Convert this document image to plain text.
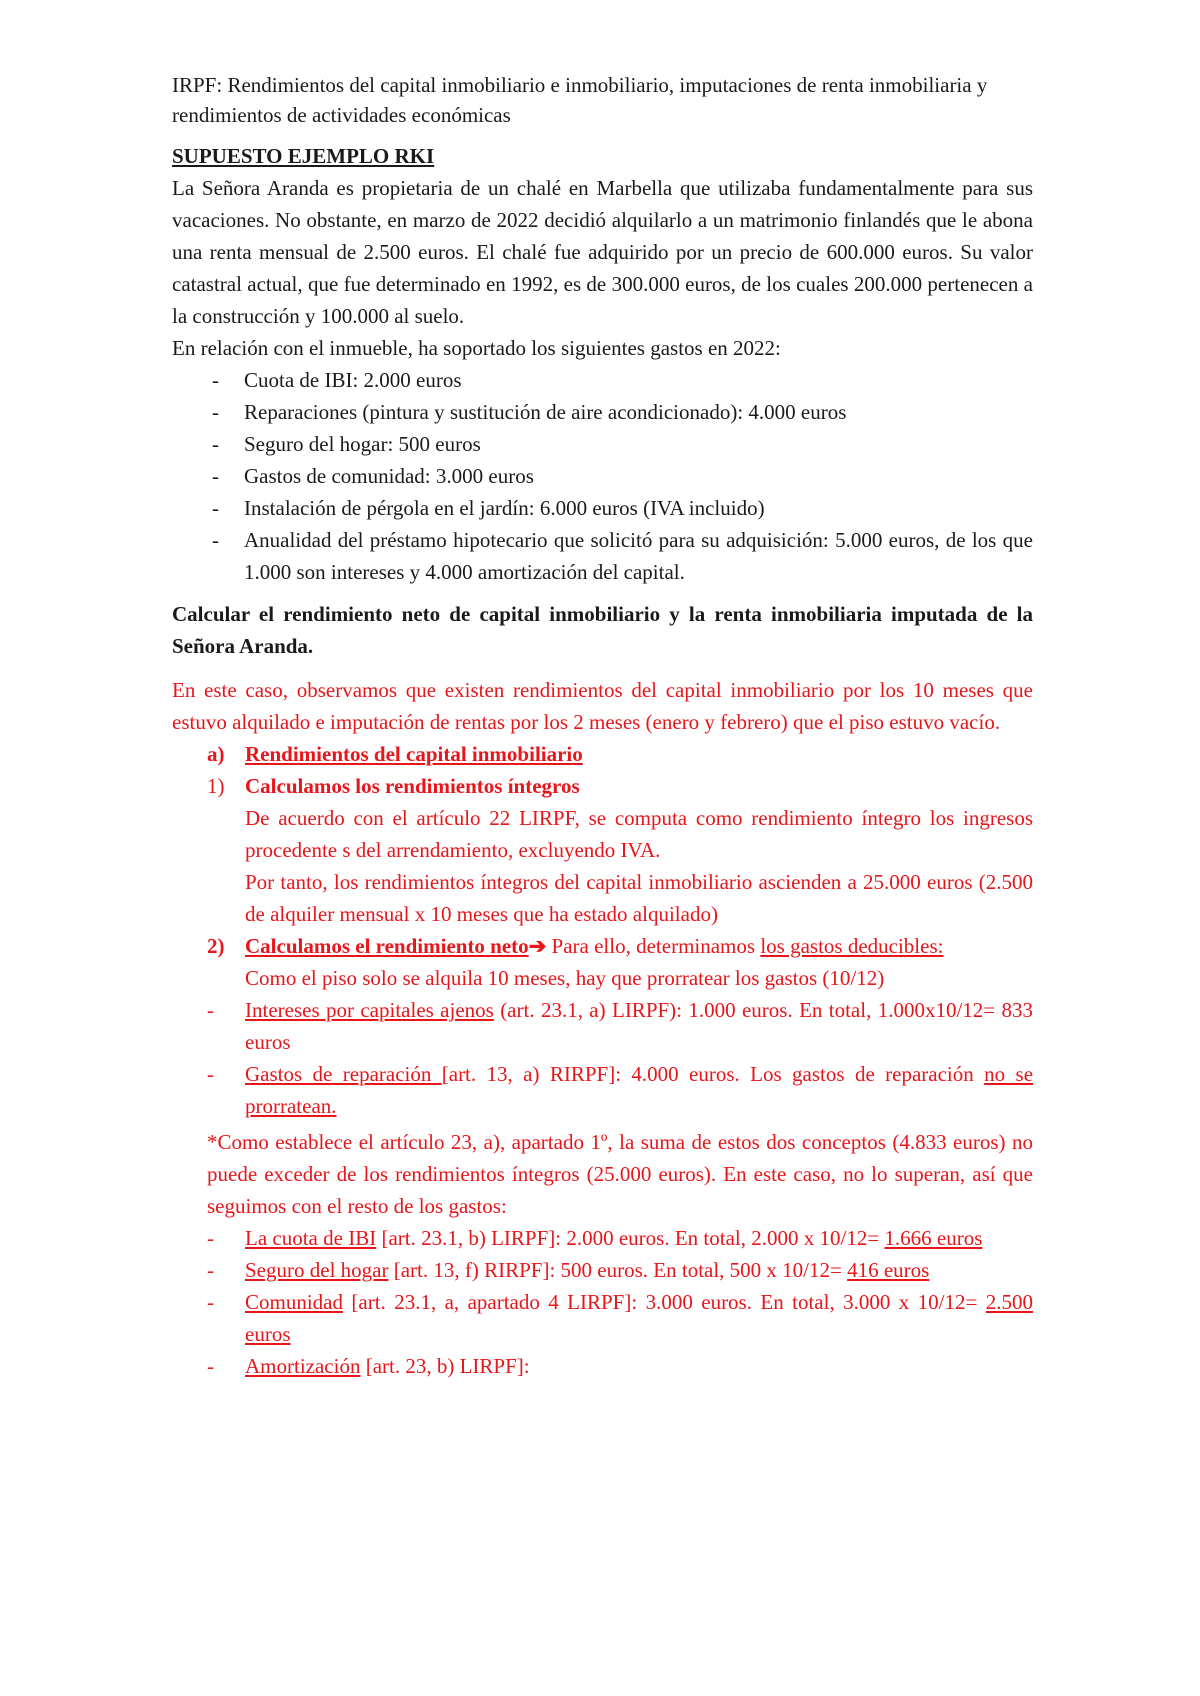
IRPF: Rendimientos del capital inmobiliario e inmobiliario, imputaciones de renta inmobiliaria y rendimientos de actividades económicas

SUPUESTO EJEMPLO RKI

La Señora Aranda es propietaria de un chalé en Marbella que utilizaba fundamentalmente para sus vacaciones. No obstante, en marzo de 2022 decidió alquilarlo a un matrimonio finlandés que le abona una renta mensual de 2.500 euros. El chalé fue adquirido por un precio de 600.000 euros. Su valor catastral actual, que fue determinado en 1992, es de 300.000 euros, de los cuales 200.000 pertenecen a la construcción y 100.000 al suelo.

En relación con el inmueble, ha soportado los siguientes gastos en 2022:

- Cuota de IBI: 2.000 euros
- Reparaciones (pintura y sustitución de aire acondicionado): 4.000 euros
- Seguro del hogar: 500 euros
- Gastos de comunidad: 3.000 euros
- Instalación de pérgola en el jardín: 6.000 euros (IVA incluido)
- Anualidad del préstamo hipotecario que solicitó para su adquisición: 5.000 euros, de los que 1.000 son intereses y 4.000 amortización del capital.

Calcular el rendimiento neto de capital inmobiliario y la renta inmobiliaria imputada de la Señora Aranda.

En este caso, observamos que existen rendimientos del capital inmobiliario por los 10 meses que estuvo alquilado e imputación de rentas por los 2 meses (enero y febrero) que el piso estuvo vacío.

a) Rendimientos del capital inmobiliario
1) Calculamos los rendimientos íntegros

De acuerdo con el artículo 22 LIRPF, se computa como rendimiento íntegro los ingresos procedente s del arrendamiento, excluyendo IVA.

Por tanto, los rendimientos íntegros del capital inmobiliario ascienden a 25.000 euros (2.500 de alquiler mensual x 10 meses que ha estado alquilado)

2) Calculamos el rendimiento neto➔ Para ello, determinamos los gastos deducibles:

Como el piso solo se alquila 10 meses, hay que prorratear los gastos (10/12)

- Intereses por capitales ajenos (art. 23.1, a) LIRPF): 1.000 euros. En total, 1.000x10/12= 833 euros
- Gastos de reparación [art. 13, a) RIRPF]: 4.000 euros. Los gastos de reparación no se prorratean.

*Como establece el artículo 23, a), apartado 1º, la suma de estos dos conceptos (4.833 euros) no puede exceder de los rendimientos íntegros (25.000 euros). En este caso, no lo superan, así que seguimos con el resto de los gastos:

- La cuota de IBI [art. 23.1, b) LIRPF]: 2.000 euros. En total, 2.000 x 10/12= 1.666 euros
- Seguro del hogar [art. 13, f) RIRPF]: 500 euros. En total, 500 x 10/12= 416 euros
- Comunidad [art. 23.1, a, apartado 4 LIRPF]: 3.000 euros. En total, 3.000 x 10/12= 2.500 euros
- Amortización [art. 23, b) LIRPF]:
